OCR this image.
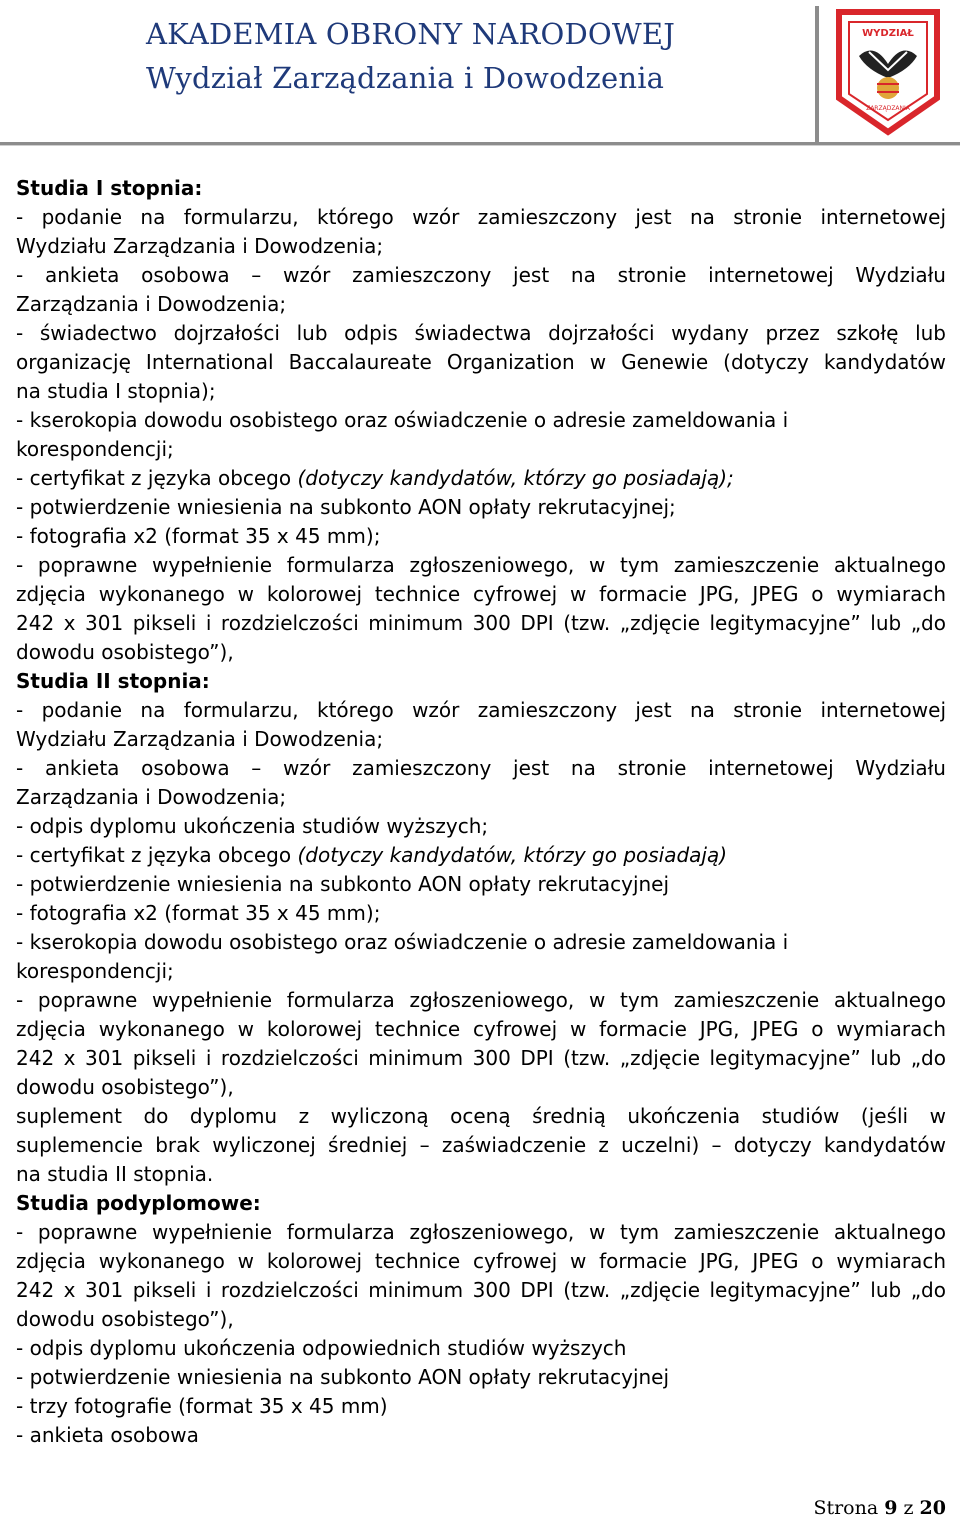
AKADEMIA OBRONY NARODOWEJ
Wydział Zarządzania i Dowodzenia
WYDZIAŁ
ZARZĄDZANIA
Studia I stopnia:
- podanie na formularzu, którego wzór zamieszczony jest na stronie internetowej
Wydziału Zarządzania i Dowodzenia;
- ankieta osobowa – wzór zamieszczony jest na stronie internetowej Wydziału
Zarządzania i Dowodzenia;
- świadectwo dojrzałości lub odpis świadectwa dojrzałości wydany przez szkołę lub
organizację International Baccalaureate Organization w Genewie (dotyczy kandydatów
na studia I stopnia);
- kserokopia dowodu osobistego oraz oświadczenie o adresie zameldowania i
korespondencji;
- certyfikat z języka obcego (dotyczy kandydatów, którzy go posiadają);
- potwierdzenie wniesienia na subkonto AON opłaty rekrutacyjnej;
- fotografia x2 (format 35 x 45 mm);
- poprawne wypełnienie formularza zgłoszeniowego, w tym zamieszczenie aktualnego
zdjęcia wykonanego w kolorowej technice cyfrowej w formacie JPG, JPEG o wymiarach
242 x 301 pikseli i rozdzielczości minimum 300 DPI (tzw. „zdjęcie legitymacyjne” lub „do
dowodu osobistego”),
Studia II stopnia:
- podanie na formularzu, którego wzór zamieszczony jest na stronie internetowej
Wydziału Zarządzania i Dowodzenia;
- ankieta osobowa – wzór zamieszczony jest na stronie internetowej Wydziału
Zarządzania i Dowodzenia;
- odpis dyplomu ukończenia studiów wyższych;
- certyfikat z języka obcego (dotyczy kandydatów, którzy go posiadają)
- potwierdzenie wniesienia na subkonto AON opłaty rekrutacyjnej
- fotografia x2 (format 35 x 45 mm);
- kserokopia dowodu osobistego oraz oświadczenie o adresie zameldowania i
korespondencji;
- poprawne wypełnienie formularza zgłoszeniowego, w tym zamieszczenie aktualnego
zdjęcia wykonanego w kolorowej technice cyfrowej w formacie JPG, JPEG o wymiarach
242 x 301 pikseli i rozdzielczości minimum 300 DPI (tzw. „zdjęcie legitymacyjne” lub „do
dowodu osobistego”),
suplement do dyplomu z wyliczoną oceną średnią ukończenia studiów (jeśli w
suplemencie brak wyliczonej średniej – zaświadczenie z uczelni) – dotyczy kandydatów
na studia II stopnia.
Studia podyplomowe:
- poprawne wypełnienie formularza zgłoszeniowego, w tym zamieszczenie aktualnego
zdjęcia wykonanego w kolorowej technice cyfrowej w formacie JPG, JPEG o wymiarach
242 x 301 pikseli i rozdzielczości minimum 300 DPI (tzw. „zdjęcie legitymacyjne” lub „do
dowodu osobistego”),
- odpis dyplomu ukończenia odpowiednich studiów wyższych
- potwierdzenie wniesienia na subkonto AON opłaty rekrutacyjnej
- trzy fotografie (format 35 x 45 mm)
- ankieta osobowa
Strona 9 z 20
